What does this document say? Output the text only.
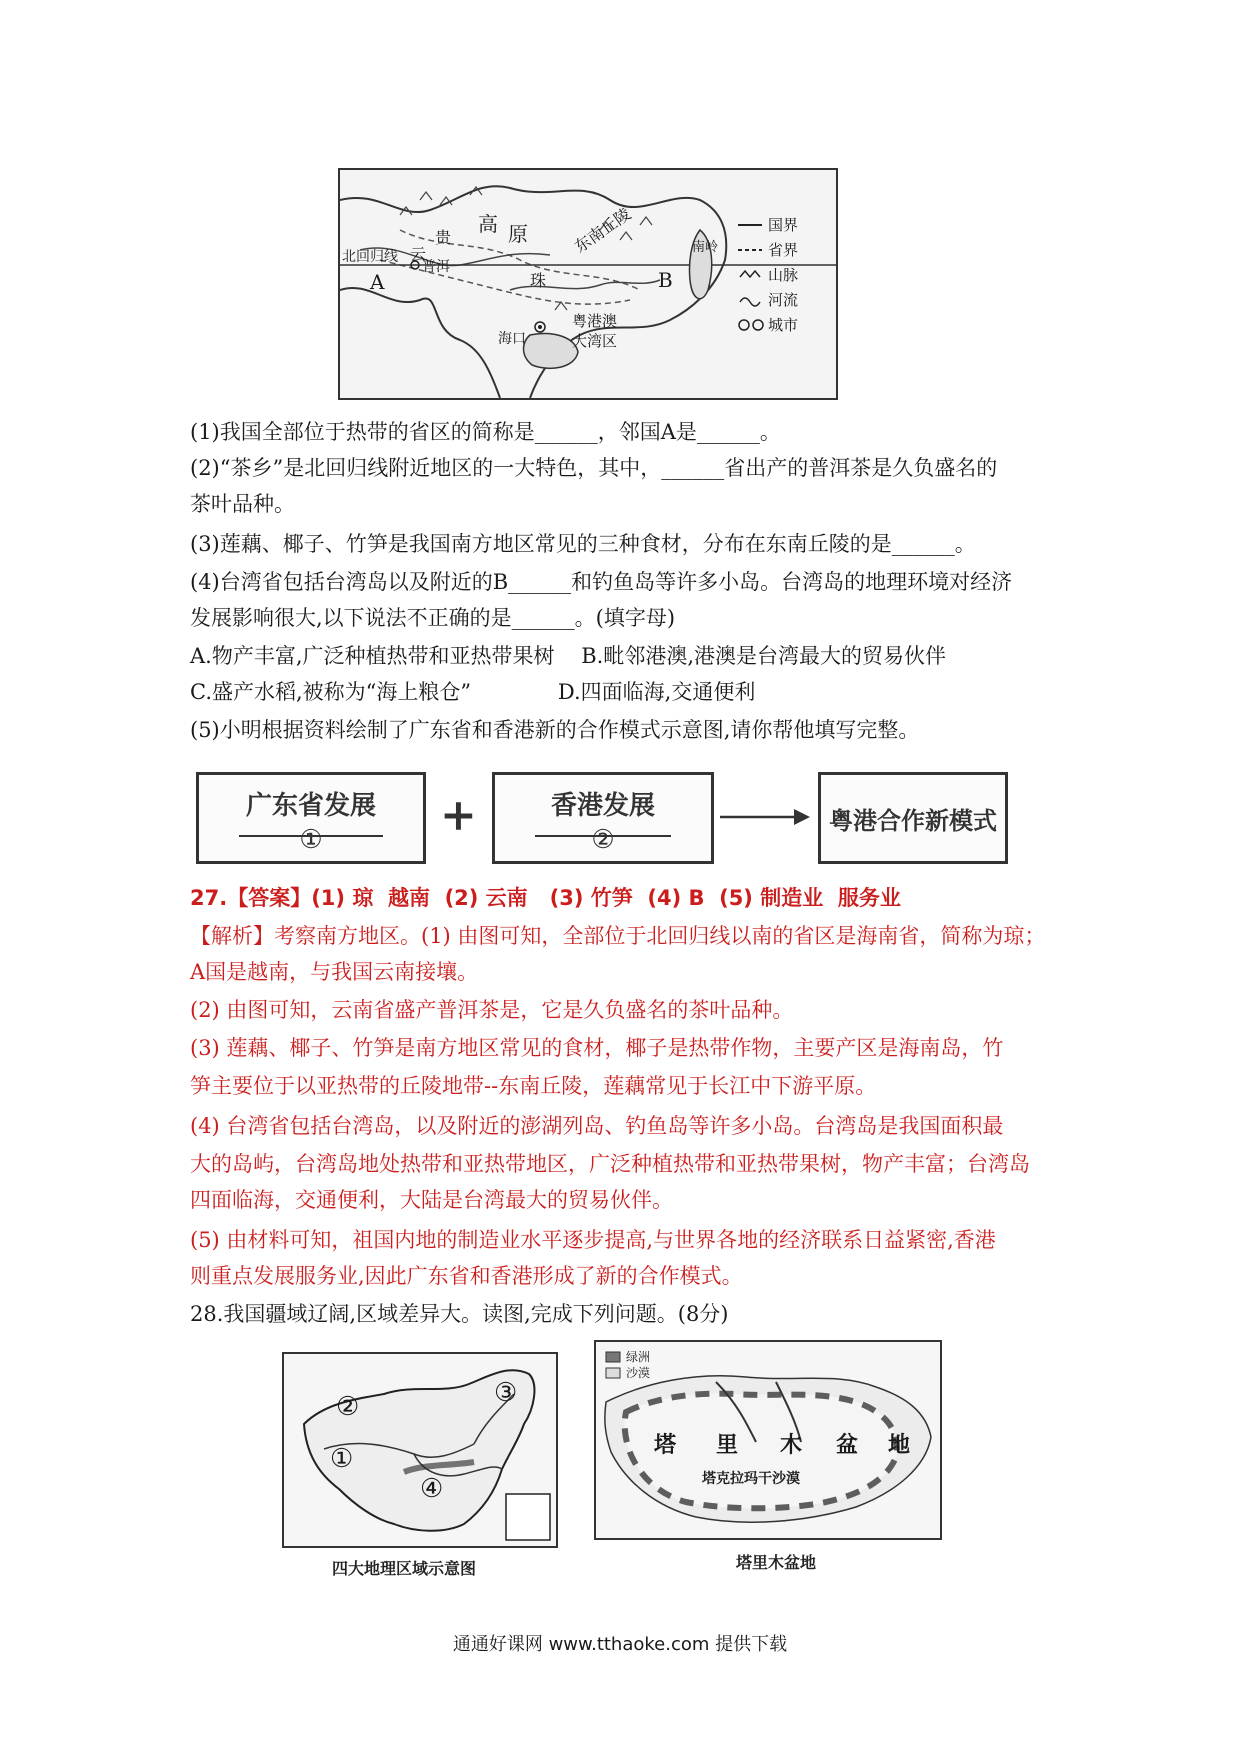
高 原	东南丘陵
云
贵
南岭
北回归线
普洱
A	珠	B
粤港澳
大湾区
海口
国界
省界
山脉
河流
城市
(1)我国全部位于热带的省区的简称是______，邻国A是______。
(2)“茶乡”是北回归线附近地区的一大特色，其中，______省出产的普洱茶是久负盛名的
茶叶品种。
(3)莲藕、椰子、竹笋是我国南方地区常见的三种食材，分布在东南丘陵的是______。
(4)台湾省包括台湾岛以及附近的B______和钓鱼岛等许多小岛。台湾岛的地理环境对经济
发展影响很大,以下说法不正确的是______。(填字母)
A.物产丰富,广泛种植热带和亚热带果树    B.毗邻港澳,港澳是台湾最大的贸易伙伴
C.盛产水稻,被称为“海上粮仓”             D.四面临海,交通便利
(5)小明根据资料绘制了广东省和香港新的合作模式示意图,请你帮他填写完整。
广东省发展
①	+	香港发展
②
粤港合作新模式
27.【答案】(1) 琼  越南  (2) 云南   (3) 竹笋  (4) B  (5) 制造业  服务业
【解析】考察南方地区。(1) 由图可知，全部位于北回归线以南的省区是海南省，简称为琼；
A国是越南，与我国云南接壤。
(2) 由图可知，云南省盛产普洱茶是，它是久负盛名的茶叶品种。
(3) 莲藕、椰子、竹笋是南方地区常见的食材，椰子是热带作物，主要产区是海南岛，竹
笋主要位于以亚热带的丘陵地带--东南丘陵，莲藕常见于长江中下游平原。
(4) 台湾省包括台湾岛，以及附近的澎湖列岛、钓鱼岛等许多小岛。台湾岛是我国面积最
大的岛屿，台湾岛地处热带和亚热带地区，广泛种植热带和亚热带果树，物产丰富；台湾岛
四面临海，交通便利，大陆是台湾最大的贸易伙伴。
(5) 由材料可知，祖国内地的制造业水平逐步提高,与世界各地的经济联系日益紧密,香港
则重点发展服务业,因此广东省和香港形成了新的合作模式。
28.我国疆域辽阔,区域差异大。读图,完成下列问题。(8分)
②	③
①
④
四大地理区域示意图
绿洲
沙漠
塔 里 木 盆 地
塔克拉玛干沙漠
塔里木盆地
通通好课网 www.tthaoke.com 提供下载
